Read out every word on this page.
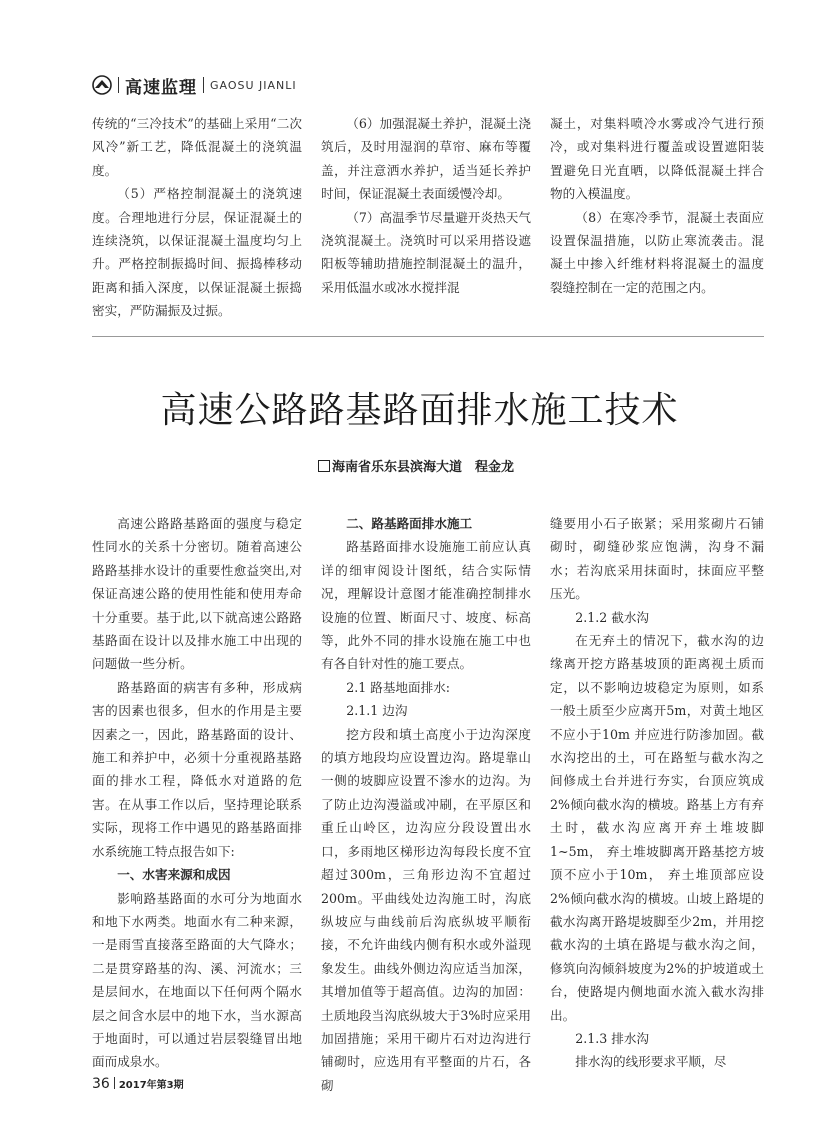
高速监理 GAOSU JIANLI

传统的“三冷技术”的基础上采用“二次风冷”新工艺，降低混凝土的浇筑温度。

（5）严格控制混凝土的浇筑速度。合理地进行分层，保证混凝土的连续浇筑，以保证混凝土温度均匀上升。严格控制振捣时间、振捣棒移动距离和插入深度，以保证混凝土振捣密实，严防漏振及过振。

（6）加强混凝土养护，混凝土浇筑后，及时用湿润的草帘、麻布等覆盖，并注意洒水养护，适当延长养护时间，保证混凝土表面缓慢冷却。

（7）高温季节尽量避开炎热天气浇筑混凝土。浇筑时可以采用搭设遮阳板等辅助措施控制混凝土的温升，采用低温水或冰水搅拌混

凝土，对集料喷冷水雾或冷气进行预冷，或对集料进行覆盖或设置遮阳装置避免日光直晒，以降低混凝土拌合物的入模温度。

（8）在寒冷季节，混凝土表面应设置保温措施，以防止寒流袭击。混凝土中掺入纤维材料将混凝土的温度裂缝控制在一定的范围之内。

高速公路路基路面排水施工技术
海南省乐东县滨海大道　程金龙

高速公路路基路面的强度与稳定性同水的关系十分密切。随着高速公路路基排水设计的重要性愈益突出,对保证高速公路的使用性能和使用寿命十分重要。基于此,以下就高速公路路基路面在设计以及排水施工中出现的问题做一些分析。

路基路面的病害有多种，形成病害的因素也很多，但水的作用是主要因素之一，因此，路基路面的设计、施工和养护中，必须十分重视路基路面的排水工程，降低水对道路的危害。在从事工作以后，坚持理论联系实际，现将工作中遇见的路基路面排水系统施工特点报告如下:

一、水害来源和成因

影响路基路面的水可分为地面水和地下水两类。地面水有二种来源，一是雨雪直接落至路面的大气降水；二是贯穿路基的沟、溪、河流水；三是层间水，在地面以下任何两个隔水层之间含水层中的地下水，当水源高于地面时，可以通过岩层裂缝冒出地面而成泉水。

二、路基路面排水施工

路基路面排水设施施工前应认真详的细审阅设计图纸，结合实际情况，理解设计意图才能准确控制排水设施的位置、断面尺寸、坡度、标高等，此外不同的排水设施在施工中也有各自针对性的施工要点。

2.1 路基地面排水:

2.1.1 边沟

挖方段和填土高度小于边沟深度的填方地段均应设置边沟。路堤靠山一侧的坡脚应设置不渗水的边沟。为了防止边沟漫溢或冲刷，在平原区和重丘山岭区，边沟应分段设置出水口，多雨地区梯形边沟每段长度不宜超过300m，三角形边沟不宜超过200m。平曲线处边沟施工时，沟底纵坡应与曲线前后沟底纵坡平顺衔接，不允许曲线内侧有积水或外溢现象发生。曲线外侧边沟应适当加深，其增加值等于超高值。边沟的加固：土质地段当沟底纵坡大于3%时应采用加固措施；采用干砌片石对边沟进行铺砌时，应选用有平整面的片石，各砌

缝要用小石子嵌紧；采用浆砌片石铺砌时，砌缝砂浆应饱满，沟身不漏水；若沟底采用抹面时，抹面应平整压光。

2.1.2 截水沟

在无弃土的情况下，截水沟的边缘离开挖方路基坡顶的距离视土质而定，以不影响边坡稳定为原则，如系一般土质至少应离开5m，对黄土地区不应小于10m 并应进行防渗加固。截水沟挖出的土，可在路堑与截水沟之间修成土台并进行夯实，台顶应筑成2%倾向截水沟的横坡。路基上方有弃土时，截水沟应离开弃土堆坡脚1~5m， 弃土堆坡脚离开路基挖方坡顶不应小于10m， 弃土堆顶部应设2%倾向截水沟的横坡。山坡上路堤的截水沟离开路堤坡脚至少2m，并用挖截水沟的土填在路堤与截水沟之间， 修筑向沟倾斜坡度为2%的护坡道或土台，使路堤内侧地面水流入截水沟排出。

2.1.3 排水沟

排水沟的线形要求平顺，尽

36 2017年第3期
